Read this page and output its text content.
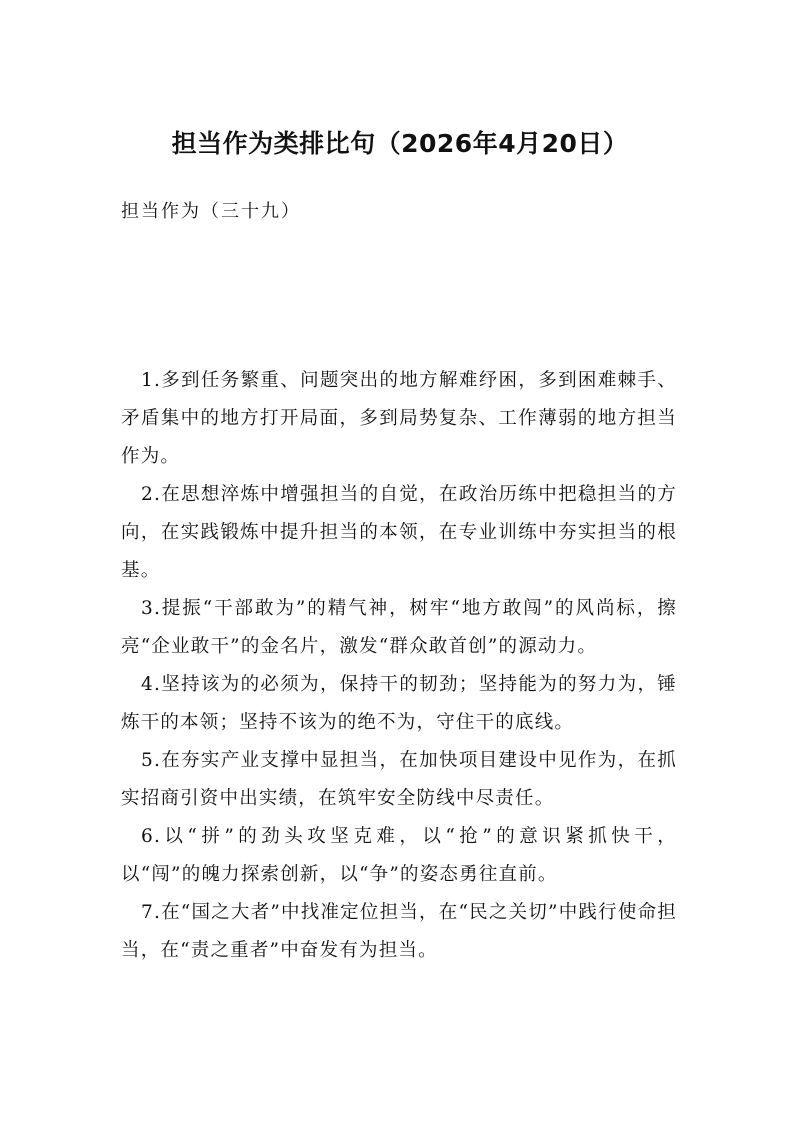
担当作为类排比句（2026年4月20日）
担当作为（三十九）
1.多到任务繁重、问题突出的地方解难纾困，多到困难棘手、矛盾集中的地方打开局面，多到局势复杂、工作薄弱的地方担当作为。
2.在思想淬炼中增强担当的自觉，在政治历练中把稳担当的方向，在实践锻炼中提升担当的本领，在专业训练中夯实担当的根基。
3.提振“干部敢为”的精气神，树牢“地方敢闯”的风尚标，擦亮“企业敢干”的金名片，激发“群众敢首创”的源动力。
4.坚持该为的必须为，保持干的韧劲；坚持能为的努力为，锤炼干的本领；坚持不该为的绝不为，守住干的底线。
5.在夯实产业支撑中显担当，在加快项目建设中见作为，在抓实招商引资中出实绩，在筑牢安全防线中尽责任。
6.以“拼”的劲头攻坚克难，以“抢”的意识紧抓快干，以“闯”的魄力探索创新，以“争”的姿态勇往直前。
7.在“国之大者”中找准定位担当，在“民之关切”中践行使命担当，在“责之重者”中奋发有为担当。
